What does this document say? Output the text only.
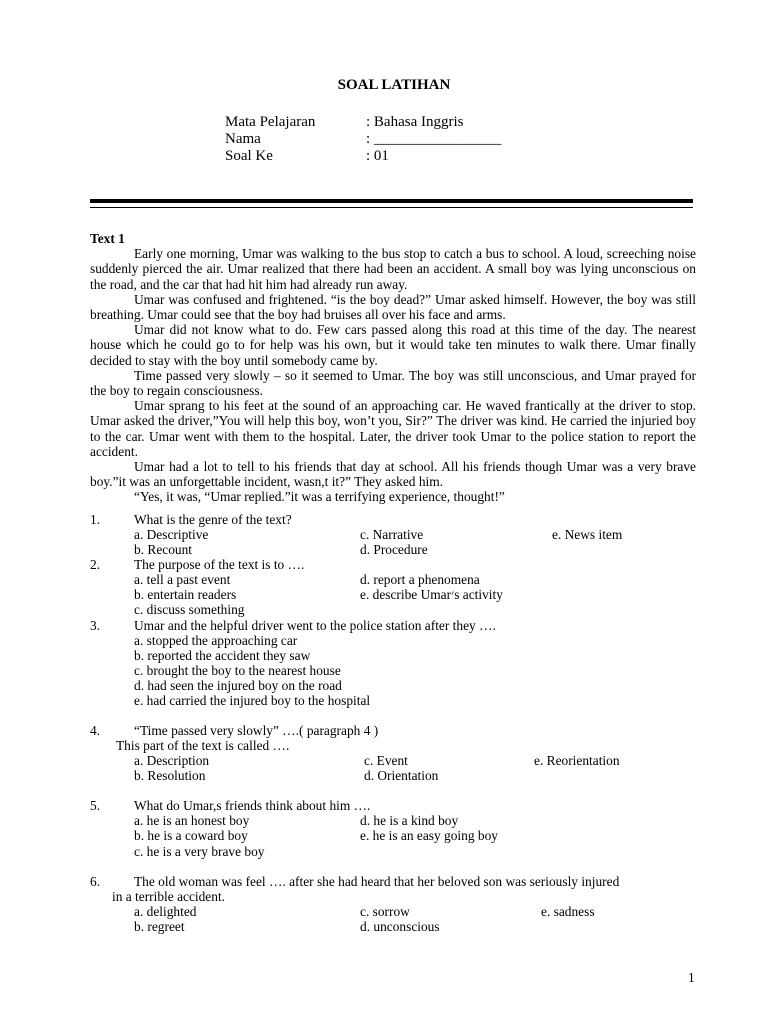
SOAL LATIHAN
Mata Pelajaran	: Bahasa Inggris
Nama	: _________________
Soal Ke	: 01
Text 1

Early one morning, Umar was walking to the bus stop to catch a bus to school. A loud, screeching noise suddenly pierced the air. Umar realized that there had been an accident. A small boy was lying unconscious on the road, and the car that had hit him had already run away.

Umar was confused and frightened. “is the boy dead?” Umar asked himself. However, the boy was still breathing. Umar could see that the boy had bruises all over his face and arms.

Umar did not know what to do. Few cars passed along this road at this time of the day. The nearest house which he could go to for help was his own, but it would take ten minutes to walk there. Umar finally decided to stay with the boy until somebody came by.

Time passed very slowly – so it seemed to Umar. The boy was still unconscious, and Umar prayed for the boy to regain consciousness.

Umar sprang to his feet at the sound of an approaching car. He waved frantically at the driver to stop. Umar asked the driver,”You will help this boy, won’t you, Sir?” The driver was kind. He carried the injuried boy to the car. Umar went with them to the hospital. Later, the driver took Umar to the police station to report the accident.

Umar had a lot to tell to his friends that day at school. All his friends though Umar was a very brave boy.”it was an unforgettable incident, wasn,t it?” They asked him.

“Yes, it was, “Umar replied.”it was a terrifying experience, thought!”

1.	What is the genre of the text?
a. Descriptive	c. Narrative	e. News item
b. Recount	d. Procedure
2.	The purpose of the text is to ….
a. tell a past event	d. report a phenomena
b. entertain readers	e. describe Umar׳s activity
c. discuss something
3.	Umar and the helpful driver went to the police station after they ….
a. stopped the approaching car
b. reported the accident they saw
c. brought the boy to the nearest house
d. had seen the injured boy on the road
e. had carried the injured boy to the hospital
4.	“Time passed very slowly” ….( paragraph 4 )
This part of the text is called ….
a. Description	c. Event	e. Reorientation
b. Resolution	d. Orientation
5.	What do Umar,s friends think about him ….
a. he is an honest boy	d. he is a kind boy
b. he is a coward boy	e. he is an easy going boy
c. he is a very brave boy
6.	The old woman was feel …. after she had heard that her beloved son was seriously injured
in a terrible accident.
a. delighted	c. sorrow	e. sadness
b. regreet	d. unconscious
1
